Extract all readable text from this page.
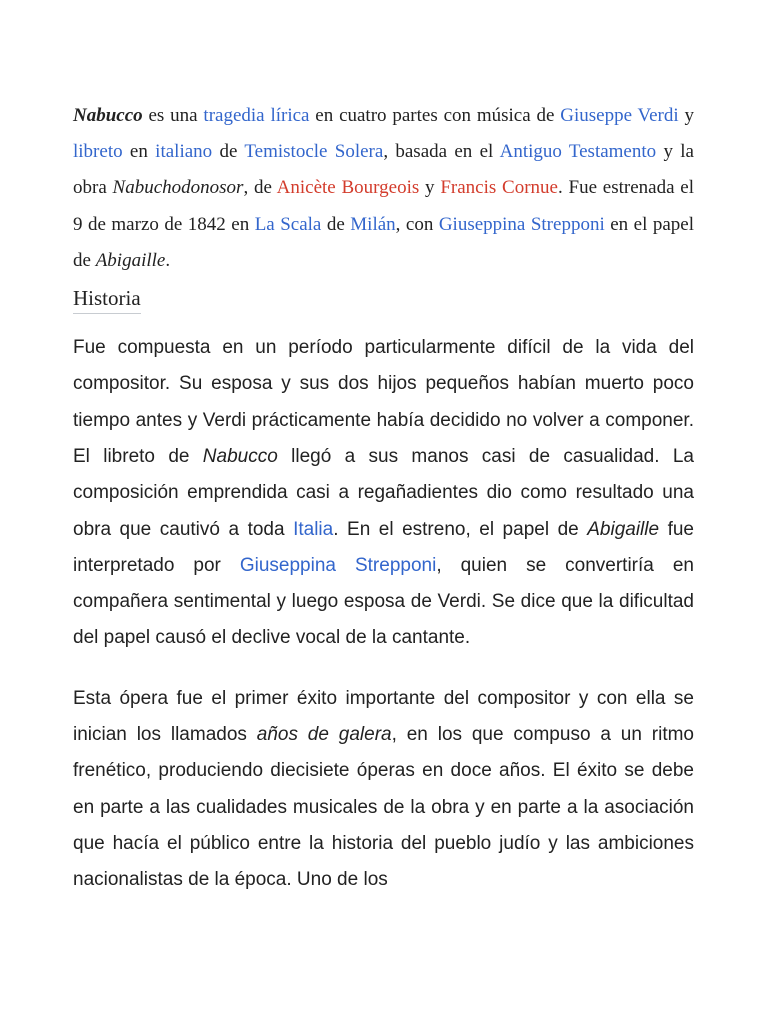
Nabucco es una tragedia lírica en cuatro partes con música de Giuseppe Verdi y libreto en italiano de Temistocle Solera, basada en el Antiguo Testamento y la obra Nabuchodonosor, de Anicète Bourgeois y Francis Cornue. Fue estrenada el 9 de marzo de 1842 en La Scala de Milán, con Giuseppina Strepponi en el papel de Abigaille.

Historia

Fue compuesta en un período particularmente difícil de la vida del compositor. Su esposa y sus dos hijos pequeños habían muerto poco tiempo antes y Verdi prácticamente había decidido no volver a componer. El libreto de Nabucco llegó a sus manos casi de casualidad. La composición emprendida casi a regañadientes dio como resultado una obra que cautivó a toda Italia. En el estreno, el papel de Abigaille fue interpretado por Giuseppina Strepponi, quien se convertiría en compañera sentimental y luego esposa de Verdi. Se dice que la dificultad del papel causó el declive vocal de la cantante.

Esta ópera fue el primer éxito importante del compositor y con ella se inician los llamados años de galera, en los que compuso a un ritmo frenético, produciendo diecisiete óperas en doce años. El éxito se debe en parte a las cualidades musicales de la obra y en parte a la asociación que hacía el público entre la historia del pueblo judío y las ambiciones nacionalistas de la época. Uno de los
